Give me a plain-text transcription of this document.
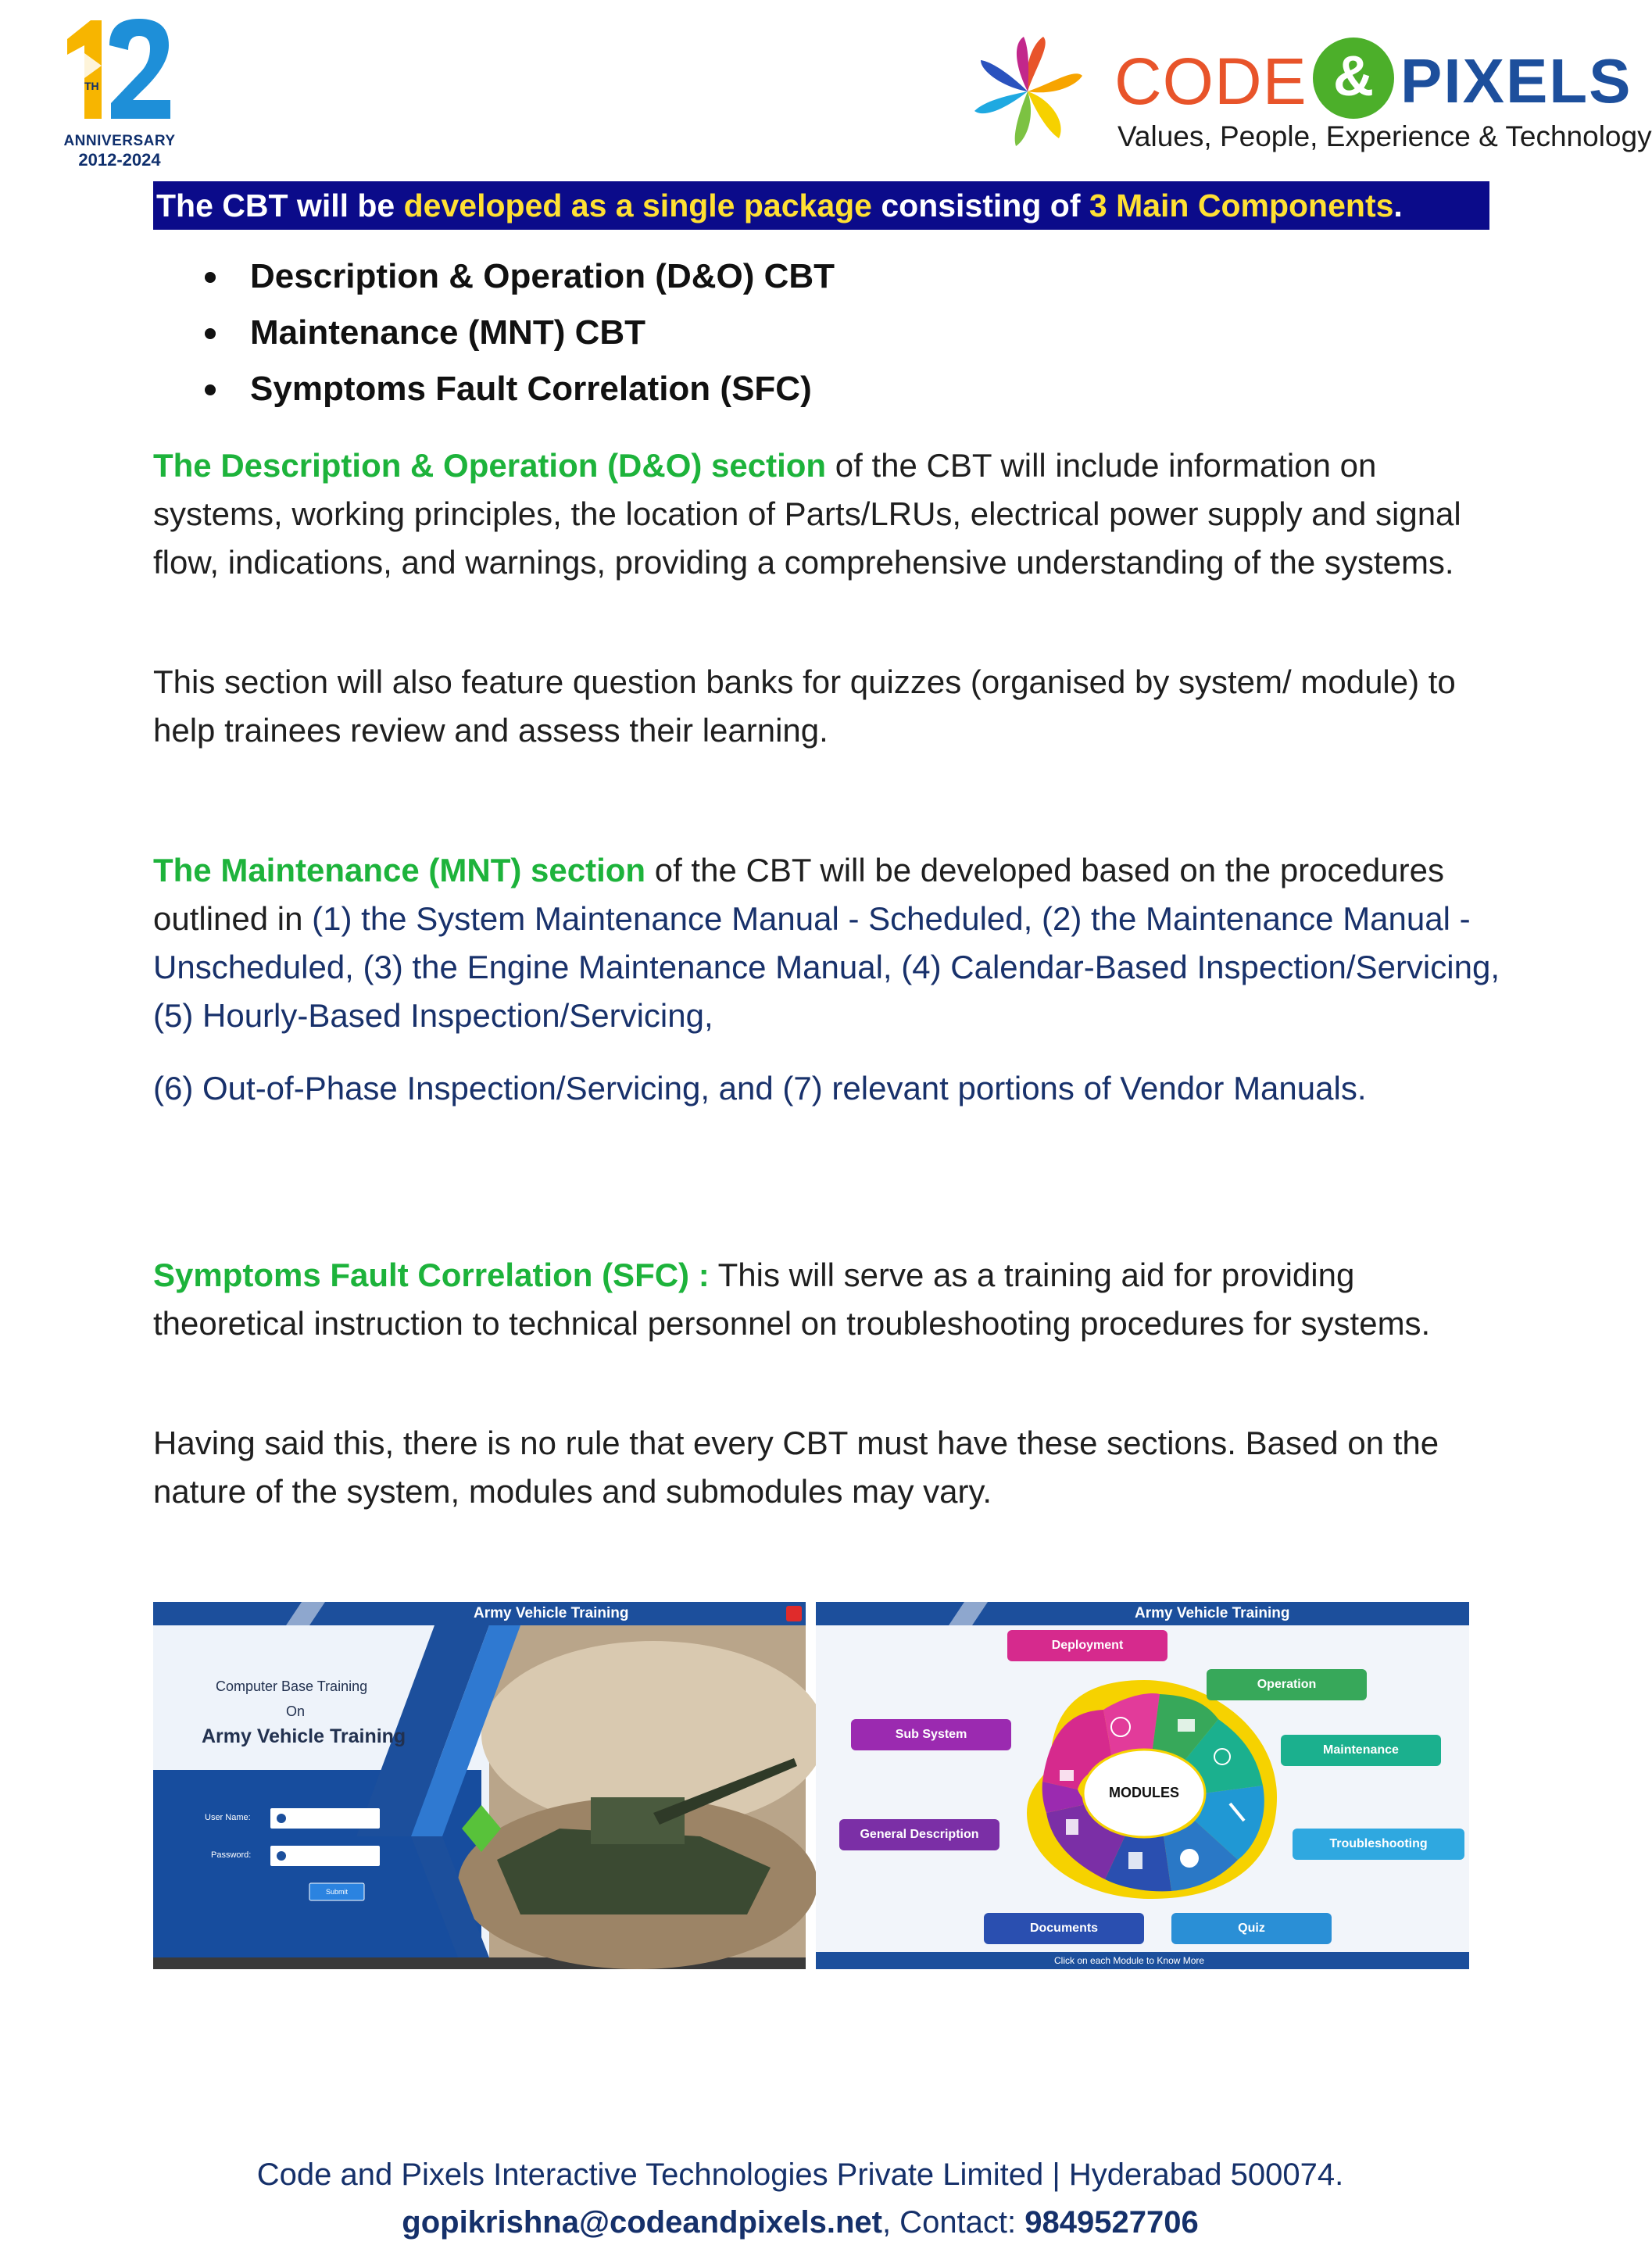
TH
ANNIVERSARY
2012-2024
CODE & PIXELS
Values, People, Experience & Technology
The CBT will be developed as a single package consisting of 3 Main Components.
Description & Operation (D&O) CBT
Maintenance (MNT) CBT
Symptoms Fault Correlation (SFC)

The Description & Operation (D&O) section of the CBT will include information on systems, working principles, the location of Parts/LRUs, electrical power supply and signal flow, indications, and warnings, providing a comprehensive understanding of the systems.

This section will also feature question banks for quizzes (organised by system/ module) to help trainees review and assess their learning.

The Maintenance (MNT) section of the CBT will be developed based on the procedures outlined in (1) the System Maintenance Manual - Scheduled, (2) the Maintenance Manual - Unscheduled, (3) the Engine Maintenance Manual, (4) Calendar-Based Inspection/Servicing, (5) Hourly-Based Inspection/Servicing,

(6) Out-of-Phase Inspection/Servicing, and (7) relevant portions of Vendor Manuals.

Symptoms Fault Correlation (SFC) : This will serve as a training aid for providing theoretical instruction to technical personnel on troubleshooting procedures for systems.

Having said this, there is no rule that every CBT must have these sections. Based on the nature of the system, modules and submodules may vary.

Army Vehicle Training
Computer Base Training
On
Army Vehicle Training
User Name:
Password:
Submit
Army Vehicle Training
MODULES
Deployment
Operation
Maintenance
Troubleshooting
Quiz
Documents
General Description
Sub System
Click on each Module to Know More
Code and Pixels Interactive Technologies Private Limited | Hyderabad 500074.
gopikrishna@codeandpixels.net, Contact: 9849527706
